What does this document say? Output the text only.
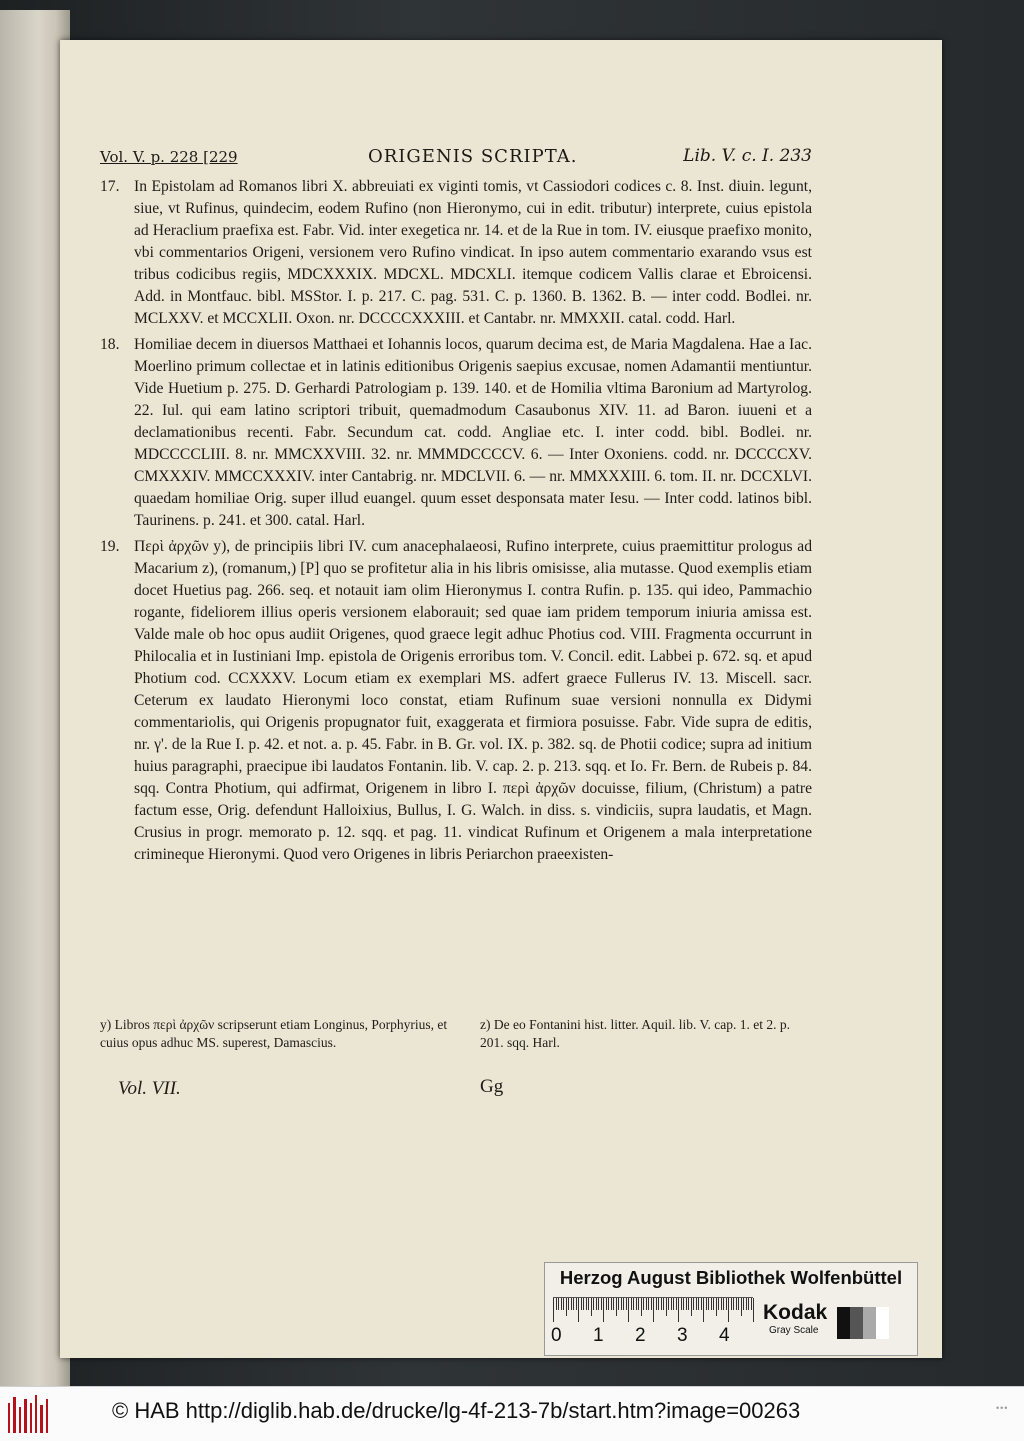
Vol. V. p. 228 [229	ORIGENIS SCRIPTA.	Lib. V. c. I. 233
17. In Epistolam ad Romanos libri X. abbreuiati ex viginti tomis, vt Cassiodori codices c. 8. Inst. diuin. legunt, siue, vt Rufinus, quindecim, eodem Rufino (non Hieronymo, cui in edit. tributur) interprete, cuius epistola ad Heraclium praefixa est. Fabr. Vid. inter exegetica nr. 14. et de la Rue in tom. IV. eiusque praefixo monito, vbi commentarios Origeni, versionem vero Rufino vindicat. In ipso autem commentario exarando vsus est tribus codicibus regiis, MDCXXXIX. MDCXL. MDCXLI. itemque codicem Vallis clarae et Ebroicensi. Add. in Montfauc. bibl. MSStor. I. p. 217. C. pag. 531. C. p. 1360. B. 1362. B. — inter codd. Bodlei. nr. MCLXXV. et MCCXLII. Oxon. nr. DCCCCXXXIII. et Cantabr. nr. MMXXII. catal. codd. Harl.
18. Homiliae decem in diuersos Matthaei et Iohannis locos, quarum decima est, de Maria Magdalena. Hae a Iac. Moerlino primum collectae et in latinis editionibus Origenis saepius excusae, nomen Adamantii mentiuntur. Vide Huetium p. 275. D. Gerhardi Patrologiam p. 139. 140. et de Homilia vltima Baronium ad Martyrolog. 22. Iul. qui eam latino scriptori tribuit, quemadmodum Casaubonus XIV. 11. ad Baron. iuueni et a declamationibus recenti. Fabr. Secundum cat. codd. Angliae etc. I. inter codd. bibl. Bodlei. nr. MDCCCCLIII. 8. nr. MMCXXVIII. 32. nr. MMMDCCCCV. 6. — Inter Oxoniens. codd. nr. DCCCCXV. CMXXXIV. MMCCXXXIV. inter Cantabrig. nr. MDCLVII. 6. — nr. MMXXXIII. 6. tom. II. nr. DCCXLVI. quaedam homiliae Orig. super illud euangel. quum esset desponsata mater Iesu. — Inter codd. latinos bibl. Taurinens. p. 241. et 300. catal. Harl.
19. Περὶ ἀρχῶν y), de principiis libri IV. cum anacephalaeosi, Rufino interprete, cuius praemittitur prologus ad Macarium z), (romanum,) [P] quo se profitetur alia in his libris omisisse, alia mutasse. Quod exemplis etiam docet Huetius pag. 266. seq. et notauit iam olim Hieronymus I. contra Rufin. p. 135. qui ideo, Pammachio rogante, fideliorem illius operis versionem elaborauit; sed quae iam pridem temporum iniuria amissa est. Valde male ob hoc opus audiit Origenes, quod graece legit adhuc Photius cod. VIII. Fragmenta occurrunt in Philocalia et in Iustiniani Imp. epistola de Origenis erroribus tom. V. Concil. edit. Labbei p. 672. sq. et apud Photium cod. CCXXXV. Locum etiam ex exemplari MS. adfert graece Fullerus IV. 13. Miscell. sacr. Ceterum ex laudato Hieronymi loco constat, etiam Rufinum suae versioni nonnulla ex Didymi commentariolis, qui Origenis propugnator fuit, exaggerata et firmiora posuisse. Fabr. Vide supra de editis, nr. γ'. de la Rue I. p. 42. et not. a. p. 45. Fabr. in B. Gr. vol. IX. p. 382. sq. de Photii codice; supra ad initium huius paragraphi, praecipue ibi laudatos Fontanin. lib. V. cap. 2. p. 213. sqq. et Io. Fr. Bern. de Rubeis p. 84. sqq. Contra Photium, qui adfirmat, Origenem in libro I. περὶ ἀρχῶν docuisse, filium, (Christum) a patre factum esse, Orig. defendunt Halloixius, Bullus, I. G. Walch. in diss. s. vindiciis, supra laudatis, et Magn. Crusius in progr. memorato p. 12. sqq. et pag. 11. vindicat Rufinum et Origenem a mala interpretatione crimineque Hieronymi. Quod vero Origenes in libris Periarchon praeexisten-
y) Libros περὶ ἀρχῶν scripserunt etiam Longinus, Porphyrius, et cuius opus adhuc MS. superest, Damascius.
z) De eo Fontanini hist. litter. Aquil. lib. V. cap. 1. et 2. p. 201. sqq. Harl.
Vol. VII.	Gg
Herzog August Bibliothek Wolfenbüttel
0 1 2 3 4
Kodak
Gray Scale
© HAB http://diglib.hab.de/drucke/lg-4f-213-7b/start.htm?image=00263	•••
